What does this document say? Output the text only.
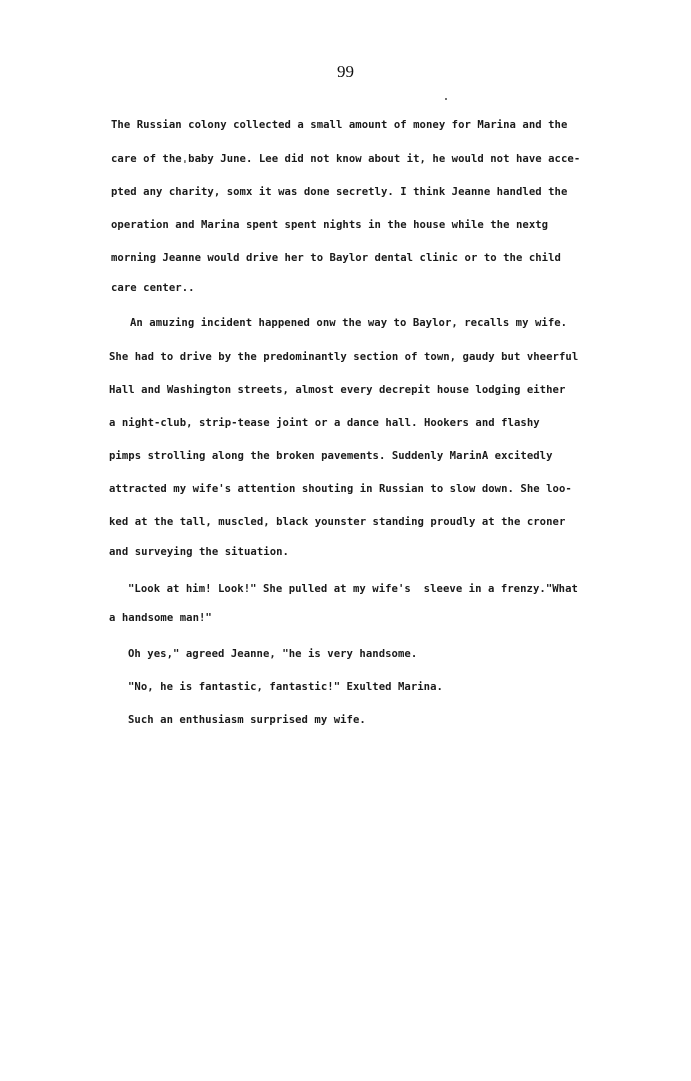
99
The Russian colony collected a small amount of money for Marina and the
care of theˌbaby June. Lee did not know about it, he would not have acce-
pted any charity, somx it was done secretly. I think Jeanne handled the
operation and Marina spent spent nights in the house while the nextg
morning Jeanne would drive her to Baylor dental clinic or to the child
care center..
An amuzing incident happened onw the way to Baylor, recalls my wife.
She had to drive by the predominantly section of town, gaudy but vheerful
Hall and Washington streets, almost every decrepit house lodging either
a night-club, strip-tease joint or a dance hall. Hookers and flashy
pimps strolling along the broken pavements. Suddenly MarinA excitedly
attracted my wife's attention shouting in Russian to slow down. She loo-
ked at the tall, muscled, black younster standing proudly at the croner
and surveying the situation.
"Look at him! Look!" She pulled at my wife's  sleeve in a frenzy."What
a handsome man!"
Oh yes," agreed Jeanne, "he is very handsome.
"No, he is fantastic, fantastic!" Exulted Marina.
Such an enthusiasm surprised my wife.
